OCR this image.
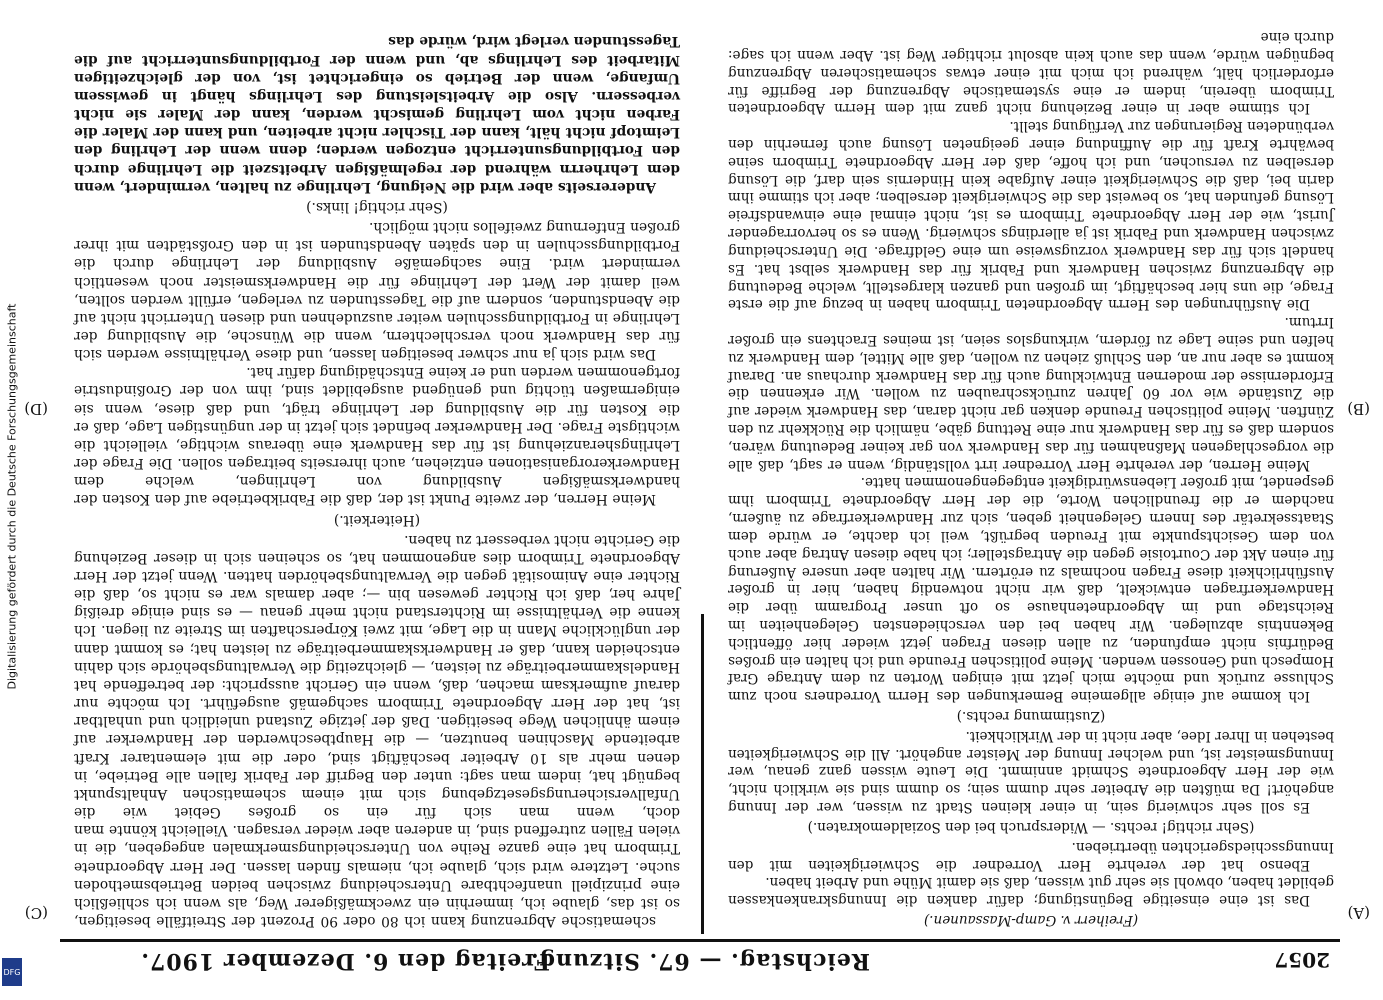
Digitalisierung gefördert durch die Deutsche Forschungsgemeinschaft
DFG	2057
Reichstag. — 67. Sitzung.
Freitag den 6. Dezember 1907.
(A)
(B)
(C)
(D)

(Freiherr v. Gamp-Massaunen.)

Das ist eine einseitige Begünstigung; dafür danken die Innungskrankenkassen gebildet haben, obwohl sie sehr gut wissen, daß sie damit Mühe und Arbeit haben.

Ebenso hat der verehrte Herr Vorredner die Schwierigkeiten mit den Innungsschiedsgerichten übertrieben.

(Sehr richtig! rechts. — Widerspruch bei den Sozialdemokraten.)

Es soll sehr schwierig sein, in einer kleinen Stadt zu wissen, wer der Innung angehört! Da müßten die Arbeiter sehr dumm sein; so dumm sind sie wirklich nicht, wie der Herr Abgeordnete Schmidt annimmt. Die Leute wissen ganz genau, wer Innungsmeister ist, und welcher Innung der Meister angehört. All die Schwierigkeiten bestehen in Ihrer Idee, aber nicht in der Wirklichkeit.

(Zustimmung rechts.)

Ich komme auf einige allgemeine Bemerkungen des Herrn Vorredners noch zum Schlusse zurück und möchte mich jetzt mit einigen Worten zu dem Antrage Graf Hompesch und Genossen wenden. Meine politischen Freunde und ich halten ein großes Bedürfnis nicht empfunden, zu allen diesen Fragen jetzt wieder hier öffentlich Bekenntnis abzulegen. Wir haben bei den verschiedensten Gelegenheiten im Reichstage und im Abgeordnetenhause so oft unser Programm über die Handwerkerfragen entwickelt, daß wir nicht notwendig haben, hier in großer Ausführlichkeit diese Fragen nochmals zu erörtern. Wir halten aber unsere Äußerung für einen Akt der Courtoisie gegen die Antragsteller; ich habe diesen Antrag aber auch von dem Gesichtspunkte mit Freuden begrüßt, weil ich dachte, er würde dem Staatssekretär des Innern Gelegenheit geben, sich zur Handwerkerfrage zu äußern, nachdem er die freundlichen Worte, die der Herr Abgeordnete Trimborn ihm gespendet, mit großer Liebenswürdigkeit entgegengenommen hatte.

Meine Herren, der verehrte Herr Vorredner irrt vollständig, wenn er sagt, daß alle die vorgeschlagenen Maßnahmen für das Handwerk von gar keiner Bedeutung wären, sondern daß es für das Handwerk nur eine Rettung gäbe, nämlich die Rückkehr zu den Zünften. Meine politischen Freunde denken gar nicht daran, das Handwerk wieder auf die Zustände wie vor 60 Jahren zurückschrauben zu wollen. Wir erkennen die Erfordernisse der modernen Entwicklung auch für das Handwerk durchaus an. Darauf kommt es aber nur an, den Schluß ziehen zu wollen, daß alle Mittel, dem Handwerk zu helfen und seine Lage zu fördern, wirkungslos seien, ist meines Erachtens ein großer Irrtum.

Die Ausführungen des Herrn Abgeordneten Trimborn haben in bezug auf die erste Frage, die uns hier beschäftigt, im großen und ganzen klargestellt, welche Bedeutung die Abgrenzung zwischen Handwerk und Fabrik für das Handwerk selbst hat. Es handelt sich für das Handwerk vorzugsweise um eine Geldfrage. Die Unterscheidung zwischen Handwerk und Fabrik ist ja allerdings schwierig. Wenn es so hervorragender Jurist, wie der Herr Abgeordnete Trimborn es ist, nicht einmal eine einwandsfreie Lösung gefunden hat, so beweist das die Schwierigkeit derselben; aber ich stimme ihm darin bei, daß die Schwierigkeit einer Aufgabe kein Hindernis sein darf, die Lösung derselben zu versuchen, und ich hoffe, daß der Herr Abgeordnete Trimborn seine bewährte Kraft für die Auffindung einer geeigneten Lösung auch fernerhin den verbündeten Regierungen zur Verfügung stellt.

Ich stimme aber in einer Beziehung nicht ganz mit dem Herrn Abgeordneten Trimborn überein, indem er eine systematische Abgrenzung der Begriffe für erforderlich hält, während ich mich mit einer etwas schematischeren Abgrenzung begnügen würde, wenn das auch kein absolut richtiger Weg ist. Aber wenn ich sage: durch eine

schematische Abgrenzung kann ich 80 oder 90 Prozent der Streitfälle beseitigen, so ist das, glaube ich, immerhin ein zweckmäßigerer Weg, als wenn ich schließlich eine prinzipiell unanfechtbare Unterscheidung zwischen beiden Betriebsmethoden suche. Letztere wird sich, glaube ich, niemals finden lassen. Der Herr Abgeordnete Trimborn hat eine ganze Reihe von Unterscheidungsmerkmalen angegeben, die in vielen Fällen zutreffend sind, in anderen aber wieder versagen. Vielleicht könnte man doch, wenn man sich für ein so großes Gebiet wie die Unfallversicherungsgesetzgebung sich mit einem schematischen Anhaltspunkt begnügt hat, indem man sagt: unter den Begriff der Fabrik fallen alle Betriebe, in denen mehr als 10 Arbeiter beschäftigt sind, oder die mit elementarer Kraft arbeitende Maschinen benutzen, — die Hauptbeschwerden der Handwerker auf einem ähnlichen Wege beseitigen. Daß der jetzige Zustand unleidlich und unhaltbar ist, hat der Herr Abgeordnete Trimborn sachgemäß ausgeführt. Ich möchte nur darauf aufmerksam machen, daß, wenn ein Gericht ausspricht: der betreffende hat Handelskammerbeiträge zu leisten, — gleichzeitig die Verwaltungsbehörde sich dahin entscheiden kann, daß er Handwerkskammerbeiträge zu leisten hat; es kommt dann der unglückliche Mann in die Lage, mit zwei Körperschaften im Streite zu liegen. Ich kenne die Verhältnisse im Richterstand nicht mehr genau — es sind einige dreißig Jahre her, daß ich Richter gewesen bin —; aber damals war es nicht so, daß die Richter eine Animosität gegen die Verwaltungsbehörden hatten. Wenn jetzt der Herr Abgeordnete Trimborn dies angenommen hat, so scheinen sich in dieser Beziehung die Gerichte nicht verbessert zu haben.

(Heiterkeit.)

Meine Herren, der zweite Punkt ist der, daß die Fabrikbetriebe auf den Kosten der handwerksmäßigen Ausbildung von Lehrlingen, welche dem Handwerkerorganisationen entziehen, auch ihrerseits beitragen sollen. Die Frage der Lehrlingsheranziehung ist für das Handwerk eine überaus wichtige, vielleicht die wichtigste Frage. Der Handwerker befindet sich jetzt in der ungünstigen Lage, daß er die Kosten für die Ausbildung der Lehrlinge trägt, und daß diese, wenn sie einigermaßen tüchtig und genügend ausgebildet sind, ihm von der Großindustrie fortgenommen werden und er keine Entschädigung dafür hat.

Das wird sich ja nur schwer beseitigen lassen, und diese Verhältnisse werden sich für das Handwerk noch verschlechtern, wenn die Wünsche, die Ausbildung der Lehrlinge in Fortbildungsschulen weiter auszudehnen und diesen Unterricht nicht auf die Abendstunden, sondern auf die Tagesstunden zu verlegen, erfüllt werden sollten, weil damit der Wert der Lehrlinge für die Handwerksmeister noch wesentlich vermindert wird. Eine sachgemäße Ausbildung der Lehrlinge durch die Fortbildungsschulen in den späten Abendstunden ist in den Großstädten mit ihrer großen Entfernung zweifellos nicht möglich.

(Sehr richtig! links.)

Andererseits aber wird die Neigung, Lehrlinge zu halten, vermindert, wenn dem Lehrherrn während der regelmäßigen Arbeitszeit die Lehrlinge durch den Fortbildungsunterricht entzogen werden; denn wenn der Lehrling den Leimtopf nicht hält, kann der Tischler nicht arbeiten, und kann der Maler die Farben nicht vom Lehrling gemischt werden, kann der Maler sie nicht verbessern. Also die Arbeitsleistung des Lehrlings hängt in gewissem Umfange, wenn der Betrieb so eingerichtet ist, von der gleichzeitigen Mitarbeit des Lehrlings ab, und wenn der Fortbildungsunterricht auf die Tagesstunden verlegt wird, würde das
